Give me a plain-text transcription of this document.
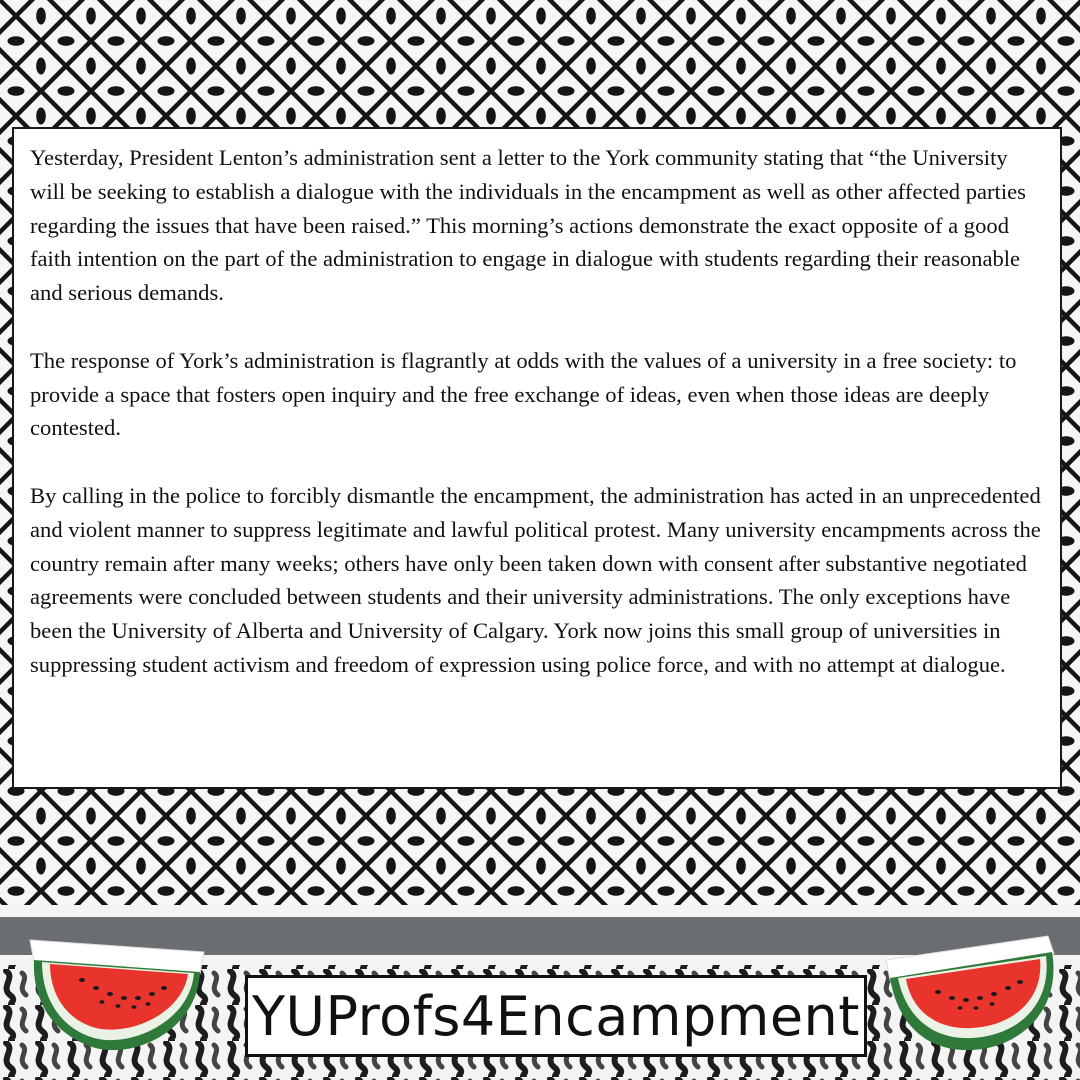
Yesterday, President Lenton’s administration sent a letter to the York community stating that “the University will be seeking to establish a dialogue with the individuals in the encampment as well as other affected parties regarding the issues that have been raised.” This morning’s actions demonstrate the exact opposite of a good faith intention on the part of the administration to engage in dialogue with students regarding their reasonable and serious demands.

The response of York’s administration is flagrantly at odds with the values of a university in a free society: to provide a space that fosters open inquiry and the free exchange of ideas, even when those ideas are deeply contested.

By calling in the police to forcibly dismantle the encampment, the administration has acted in an unprecedented and violent manner to suppress legitimate and lawful political protest. Many university encampments across the country remain after many weeks; others have only been taken down with consent after substantive negotiated agreements were concluded between students and their university administrations. The only exceptions have been the University of Alberta and University of Calgary. York now joins this small group of universities in suppressing student activism and freedom of expression using police force, and with no attempt at dialogue.

YUProfs4Encampment
